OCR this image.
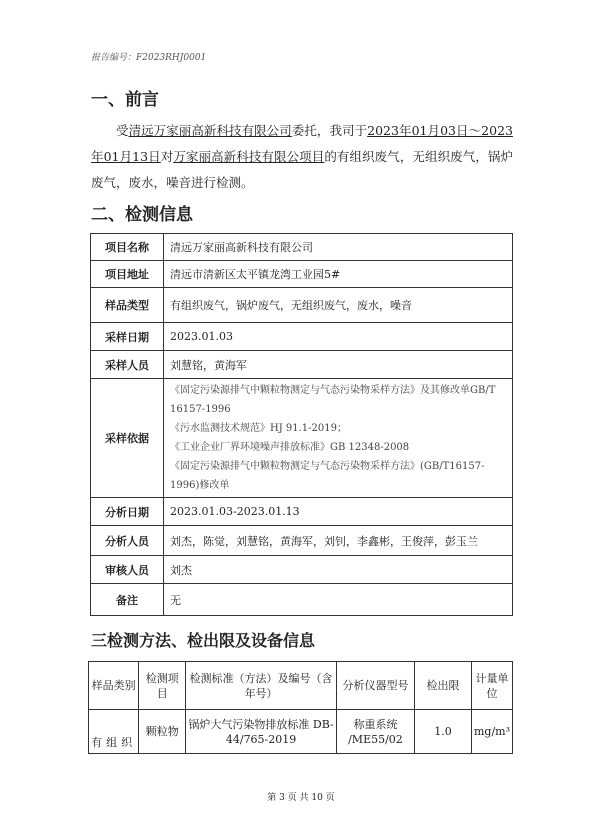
报告编号：F2023RHJ0001
一、前言
受清远万家丽高新科技有限公司委托，我司于2023年01月03日～2023年01月13日对万家丽高新科技有限公项目的有组织废气，无组织废气，锅炉废气，废水，噪音进行检测。
二、检测信息
项目名称	清远万家丽高新科技有限公司
项目地址	清远市清新区太平镇龙湾工业园5#
样品类型	有组织废气，锅炉废气，无组织废气，废水，噪音
采样日期	2023.01.03
采样人员	刘慧铭，黄海军
采样依据	《固定污染源排气中颗粒物测定与气态污染物采样方法》及其修改单GB/T 16157-1996

《污水监测技术规范》HJ 91.1-2019；

《工业企业厂界环境噪声排放标准》GB 12348-2008

《固定污染源排气中颗粒物测定与气态污染物采样方法》(GB/T16157-1996)修改单

分析日期	2023.01.03-2023.01.13
分析人员	刘杰，陈觉，刘慧铭，黄海军，刘钊，李鑫彬，王俊萍，彭玉兰
审核人员	刘杰
备注	无
三检测方法、检出限及设备信息
样品类别	检测项目	检测标准（方法）及编号（含年号）	分析仪器型号	检出限	计量单位
有组织	颗粒物	锅炉大气污染物排放标准 DB-44/765-2019	称重系统 /ME55/02	1.0	mg/m³
第 3 页 共 10 页
